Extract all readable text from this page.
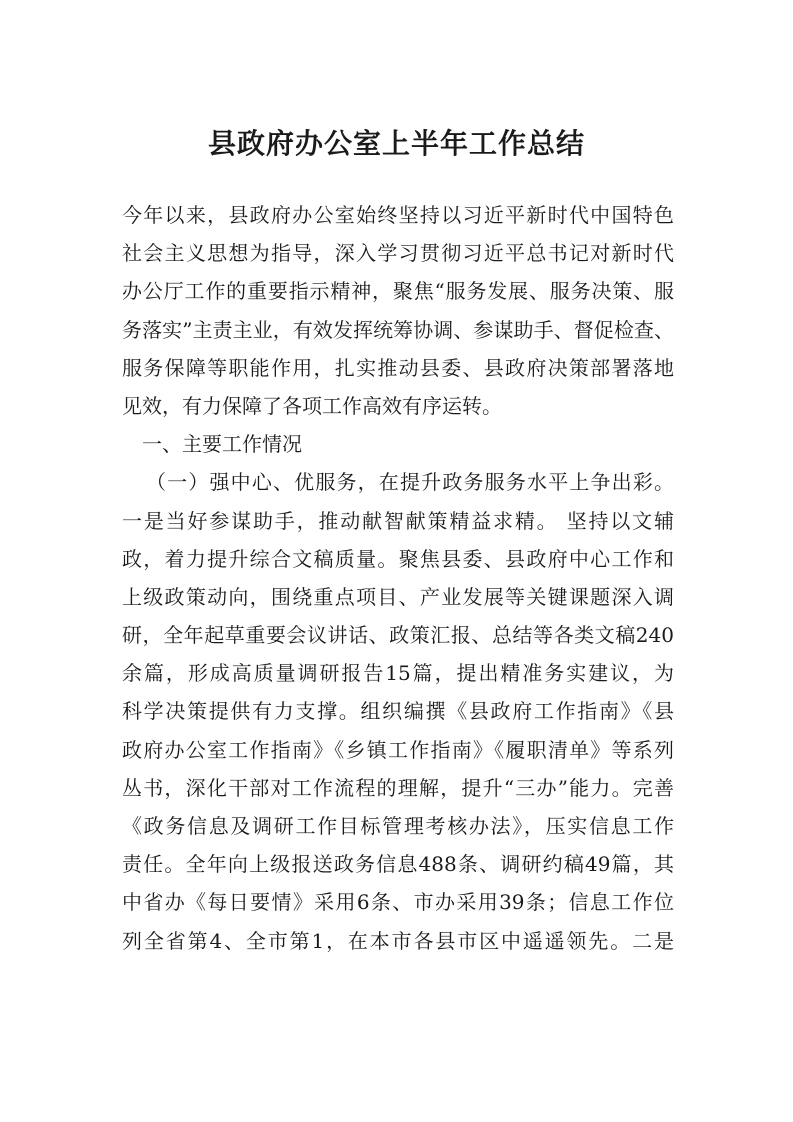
县政府办公室上半年工作总结
今年以来，县政府办公室始终坚持以习近平新时代中国特色
社会主义思想为指导，深入学习贯彻习近平总书记对新时代
办公厅工作的重要指示精神，聚焦“服务发展、服务决策、服
务落实”主责主业，有效发挥统筹协调、参谋助手、督促检查、
服务保障等职能作用，扎实推动县委、县政府决策部署落地
见效，有力保障了各项工作高效有序运转。
一、主要工作情况
（一）强中心、优服务，在提升政务服务水平上争出彩。
一是当好参谋助手，推动献智献策精益求精。 坚持以文辅
政，着力提升综合文稿质量。聚焦县委、县政府中心工作和
上级政策动向，围绕重点项目、产业发展等关键课题深入调
研，全年起草重要会议讲话、政策汇报、总结等各类文稿240
余篇，形成高质量调研报告15篇，提出精准务实建议，为
科学决策提供有力支撑。组织编撰《县政府工作指南》《县
政府办公室工作指南》《乡镇工作指南》《履职清单》等系列
丛书，深化干部对工作流程的理解，提升“三办”能力。完善
《政务信息及调研工作目标管理考核办法》，压实信息工作
责任。全年向上级报送政务信息488条、调研约稿49篇，其
中省办《每日要情》采用6条、市办采用39条；信息工作位
列全省第4、全市第1，在本市各县市区中遥遥领先。二是
